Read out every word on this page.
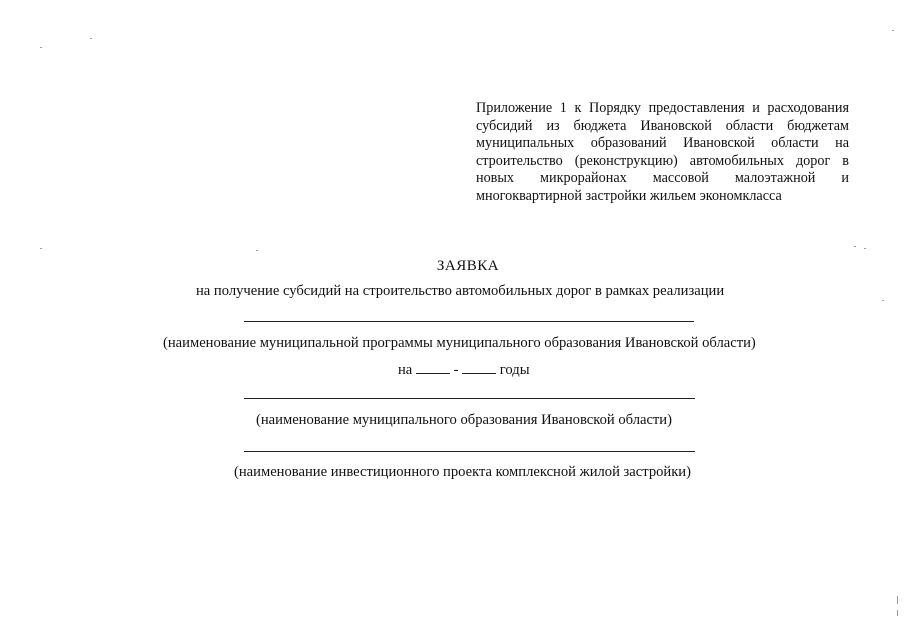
Приложение 1 к Порядку предоставления и расходования субсидий из бюджета Ивановской области бюджетам муниципальных образований Ивановской области на строительство (реконструкцию) автомобильных дорог в новых микрорайонах массовой малоэтажной и многоквартирной застройки жильем экономкласса
ЗАЯВКА
на получение субсидий на строительство автомобильных дорог в рамках реализации
(наименование муниципальной программы муниципального образования Ивановской области)
на	-	годы
(наименование муниципального образования Ивановской области)
(наименование инвестиционного проекта комплексной жилой застройки)
